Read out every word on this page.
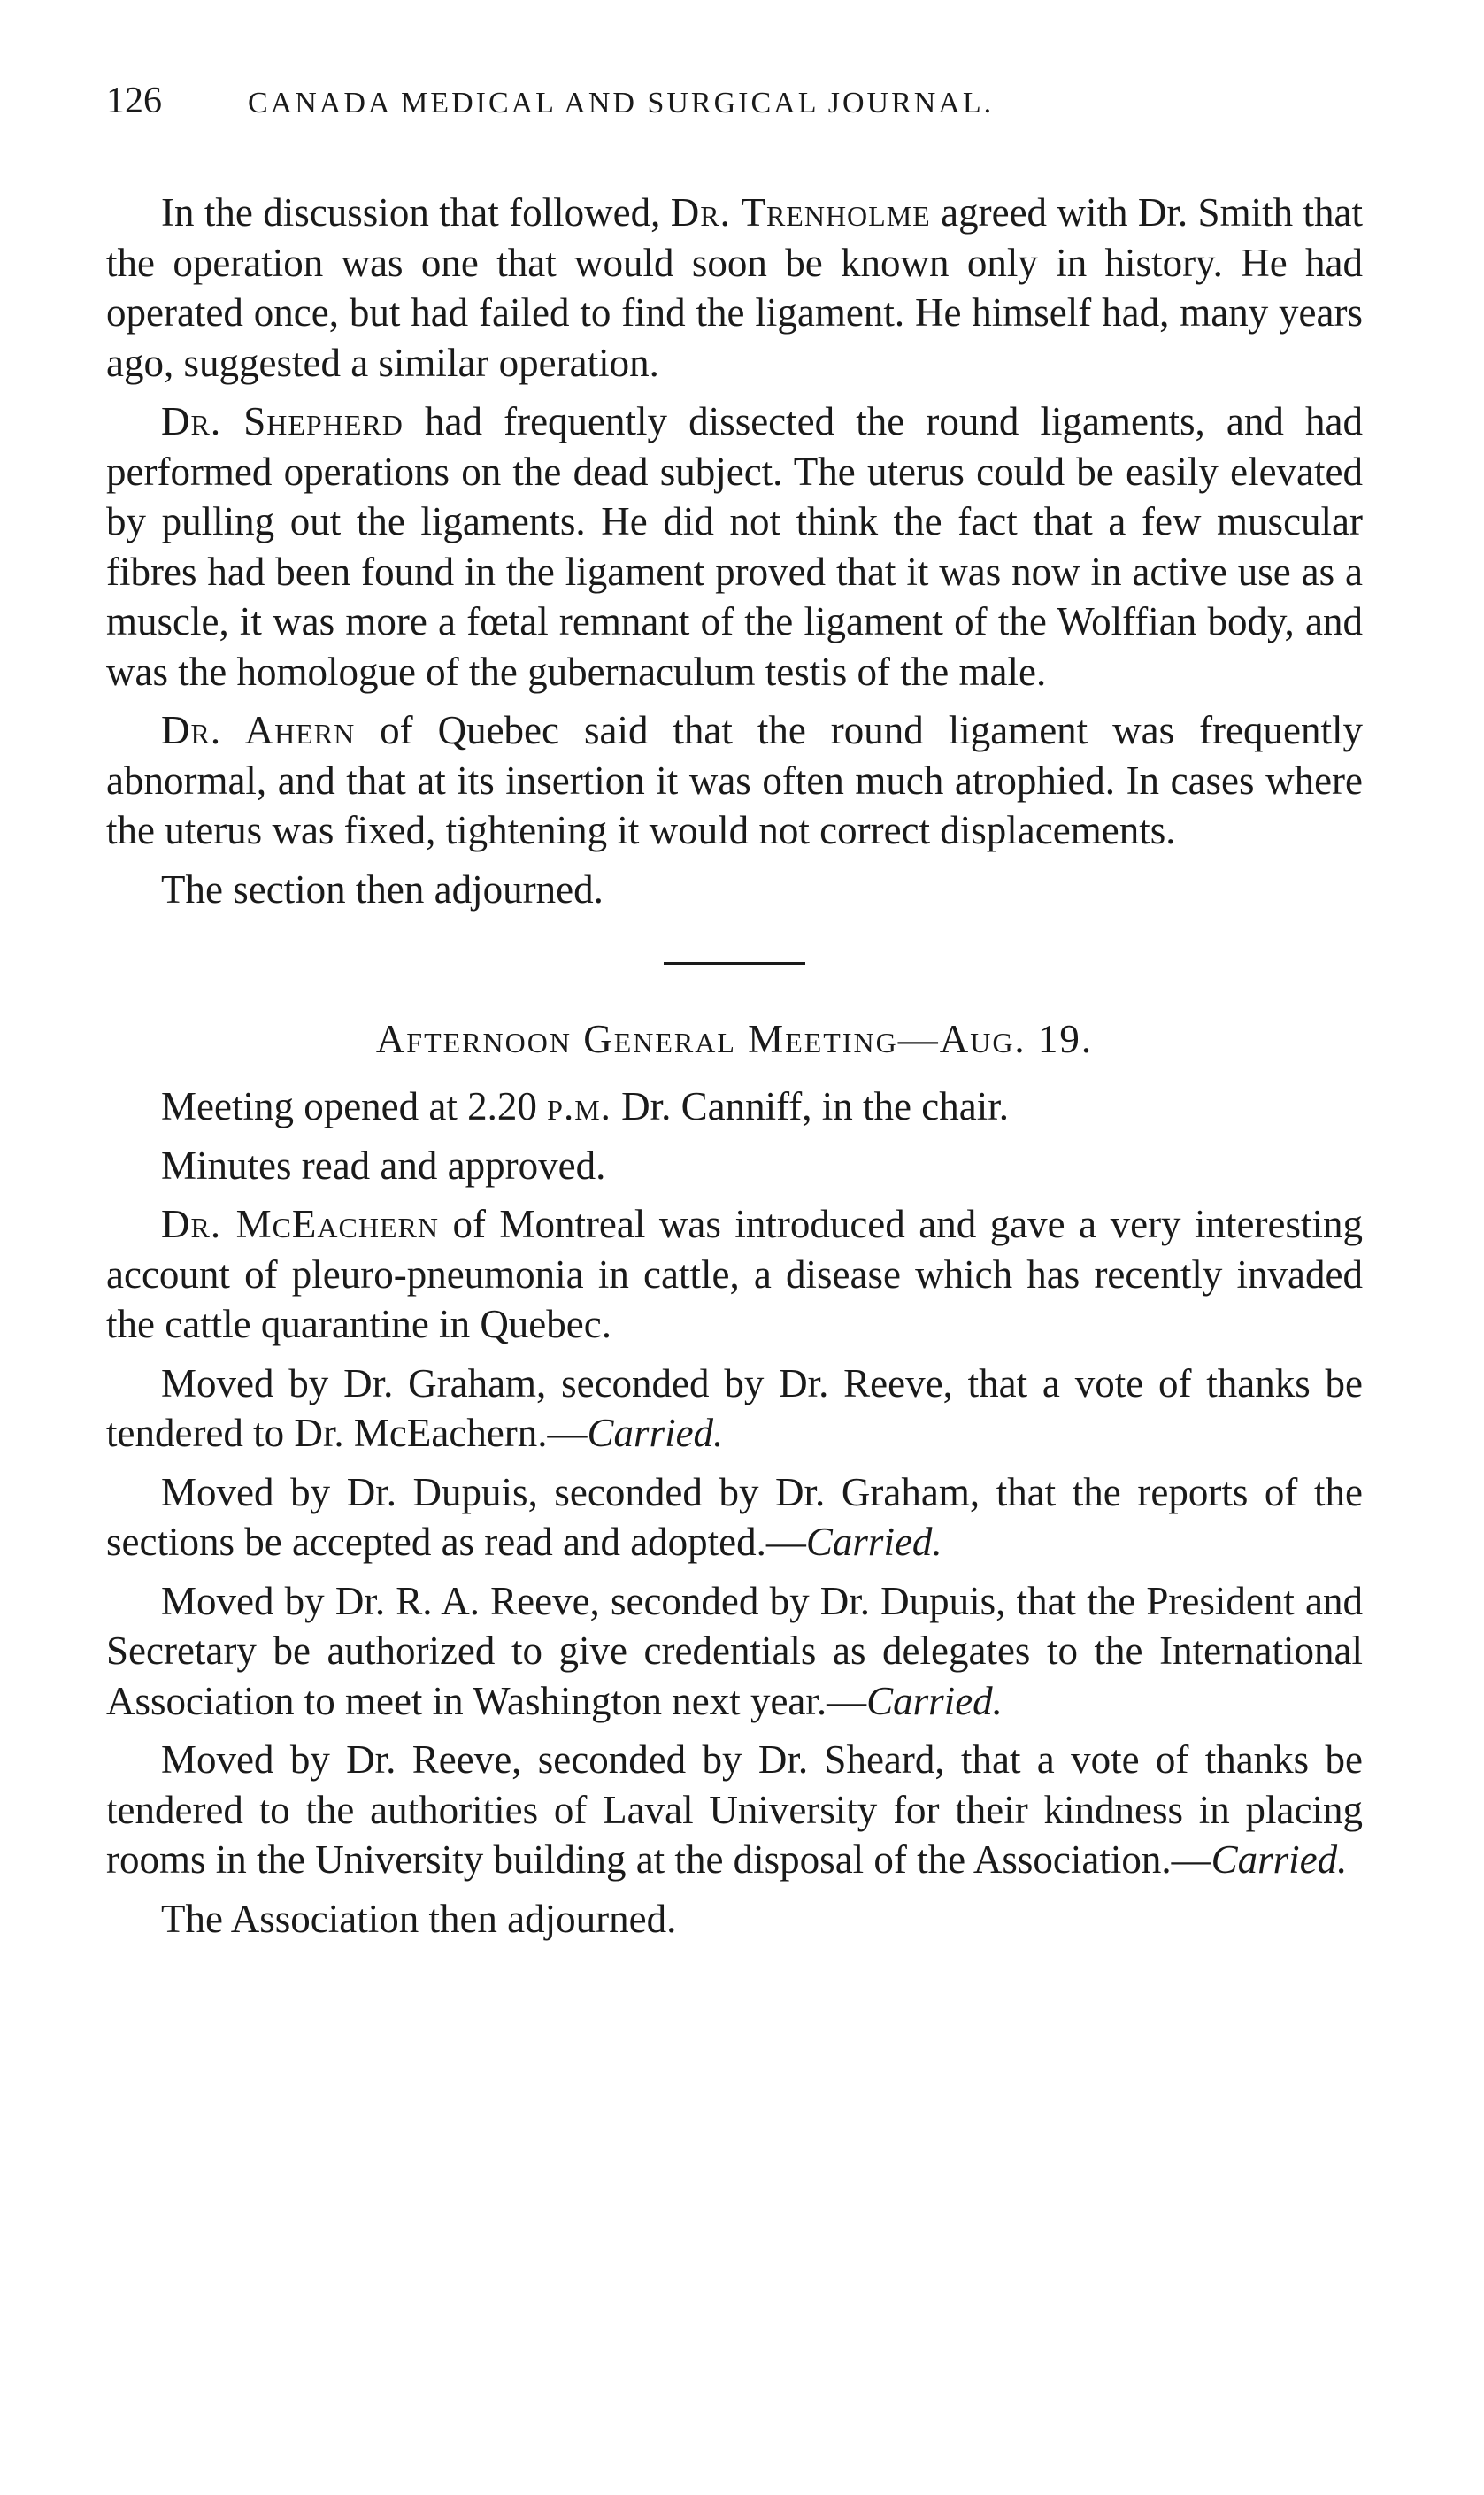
126	CANADA MEDICAL AND SURGICAL JOURNAL.

In the discussion that followed, Dr. Trenholme agreed with Dr. Smith that the operation was one that would soon be known only in history. He had operated once, but had failed to find the ligament. He himself had, many years ago, suggested a similar operation.

Dr. Shepherd had frequently dissected the round ligaments, and had performed operations on the dead subject. The uterus could be easily elevated by pulling out the ligaments. He did not think the fact that a few muscular fibres had been found in the ligament proved that it was now in active use as a muscle, it was more a fœtal remnant of the ligament of the Wolffian body, and was the homologue of the gubernaculum testis of the male.

Dr. Ahern of Quebec said that the round ligament was frequently abnormal, and that at its insertion it was often much atrophied. In cases where the uterus was fixed, tightening it would not correct displacements.

The section then adjourned.

Afternoon General Meeting—Aug. 19.

Meeting opened at 2.20 p.m. Dr. Canniff, in the chair.

Minutes read and approved.

Dr. McEachern of Montreal was introduced and gave a very interesting account of pleuro-pneumonia in cattle, a disease which has recently invaded the cattle quarantine in Quebec.

Moved by Dr. Graham, seconded by Dr. Reeve, that a vote of thanks be tendered to Dr. McEachern.—Carried.

Moved by Dr. Dupuis, seconded by Dr. Graham, that the reports of the sections be accepted as read and adopted.—Carried.

Moved by Dr. R. A. Reeve, seconded by Dr. Dupuis, that the President and Secretary be authorized to give credentials as delegates to the International Association to meet in Washington next year.—Carried.

Moved by Dr. Reeve, seconded by Dr. Sheard, that a vote of thanks be tendered to the authorities of Laval University for their kindness in placing rooms in the University building at the disposal of the Association.—Carried.

The Association then adjourned.
